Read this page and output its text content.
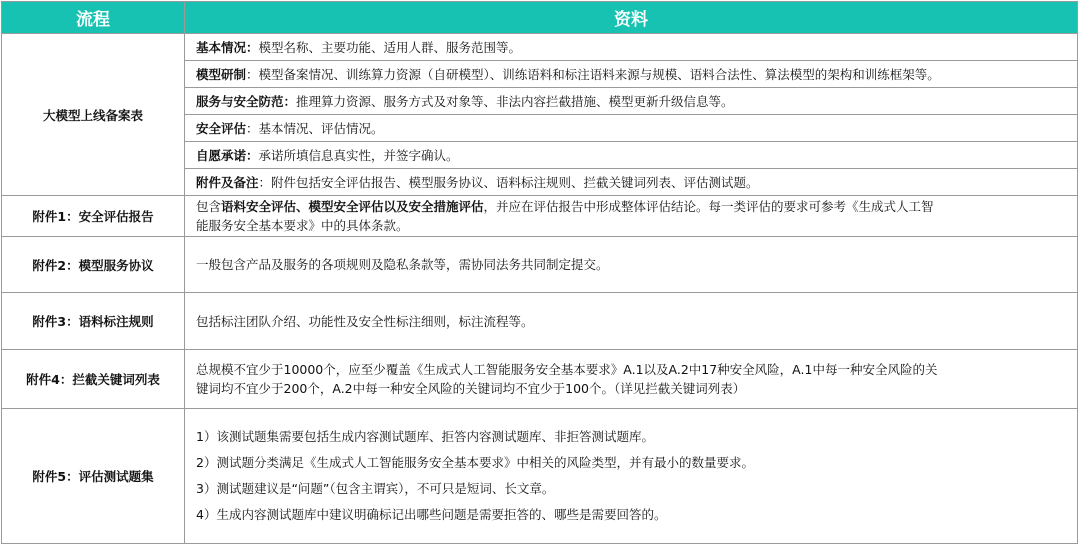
流程	资料
大模型上线备案表	基本情况：模型名称、主要功能、适用人群、服务范围等。
	模型研制：模型备案情况、训练算力资源（自研模型）、训练语料和标注语料来源与规模、语料合法性、算法模型的架构和训练框架等。
	服务与安全防范：推理算力资源、服务方式及对象等、非法内容拦截措施、模型更新升级信息等。
	安全评估：基本情况、评估情况。
	自愿承诺：承诺所填信息真实性，并签字确认。
	附件及备注：附件包括安全评估报告、模型服务协议、语料标注规则、拦截关键词列表、评估测试题。
附件1：安全评估报告	包含语料安全评估、模型安全评估以及安全措施评估，并应在评估报告中形成整体评估结论。每一类评估的要求可参考《生成式人工智
能服务安全基本要求》中的具体条款。

附件2：模型服务协议	一般包含产品及服务的各项规则及隐私条款等，需协同法务共同制定提交。
附件3：语料标注规则	包括标注团队介绍、功能性及安全性标注细则，标注流程等。
附件4：拦截关键词列表	总规模不宜少于10000个，应至少覆盖《生成式人工智能服务安全基本要求》A.1以及A.2中17种安全风险，A.1中每一种安全风险的关
键词均不宜少于200个，A.2中每一种安全风险的关键词均不宜少于100个。（详见拦截关键词列表）

附件5：评估测试题集	1）该测试题集需要包括生成内容测试题库、拒答内容测试题库、非拒答测试题库。
2）测试题分类满足《生成式人工智能服务安全基本要求》中相关的风险类型，并有最小的数量要求。
3）测试题建议是“问题”（包含主谓宾），不可只是短词、长文章。
4）生成内容测试题库中建议明确标记出哪些问题是需要拒答的、哪些是需要回答的。
